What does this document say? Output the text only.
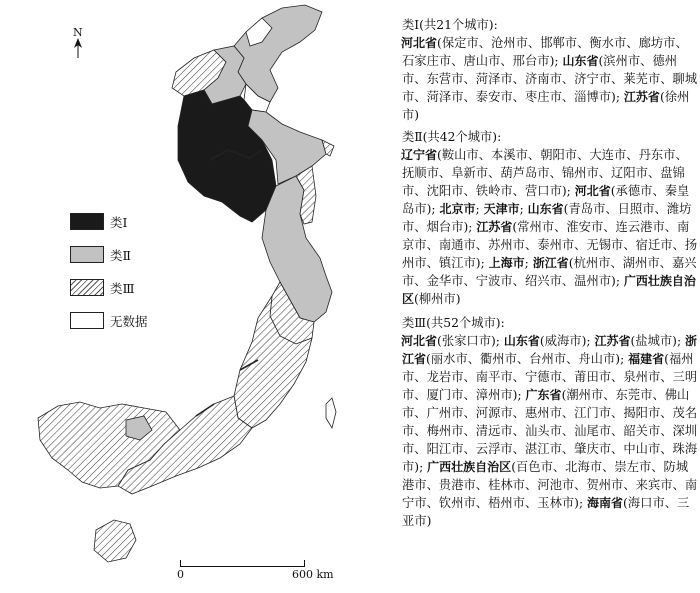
N
类Ⅰ
类Ⅱ
类Ⅲ
无数据
0	600 km
类Ⅰ(共21个城市):
河北省(保定市、沧州市、邯郸市、衡水市、廊坊市、石家庄市、唐山市、邢台市); 山东省(滨州市、德州市、东营市、菏泽市、济南市、济宁市、莱芜市、聊城市、菏泽市、泰安市、枣庄市、淄博市); 江苏省(徐州市)
类Ⅱ(共42个城市):
辽宁省(鞍山市、本溪市、朝阳市、大连市、丹东市、抚顺市、阜新市、葫芦岛市、锦州市、辽阳市、盘锦市、沈阳市、铁岭市、营口市); 河北省(承德市、秦皇岛市); 北京市; 天津市; 山东省(青岛市、日照市、潍坊市、烟台市); 江苏省(常州市、淮安市、连云港市、南京市、南通市、苏州市、泰州市、无锡市、宿迁市、扬州市、镇江市); 上海市; 浙江省(杭州市、湖州市、嘉兴市、金华市、宁波市、绍兴市、温州市); 广西壮族自治区(柳州市)
类Ⅲ(共52个城市):
河北省(张家口市); 山东省(威海市); 江苏省(盐城市); 浙江省(丽水市、衢州市、台州市、舟山市); 福建省(福州市、龙岩市、南平市、宁德市、莆田市、泉州市、三明市、厦门市、漳州市); 广东省(潮州市、东莞市、佛山市、广州市、河源市、惠州市、江门市、揭阳市、茂名市、梅州市、清远市、汕头市、汕尾市、韶关市、深圳市、阳江市、云浮市、湛江市、肇庆市、中山市、珠海市); 广西壮族自治区(百色市、北海市、崇左市、防城港市、贵港市、桂林市、河池市、贺州市、来宾市、南宁市、钦州市、梧州市、玉林市); 海南省(海口市、三亚市)
